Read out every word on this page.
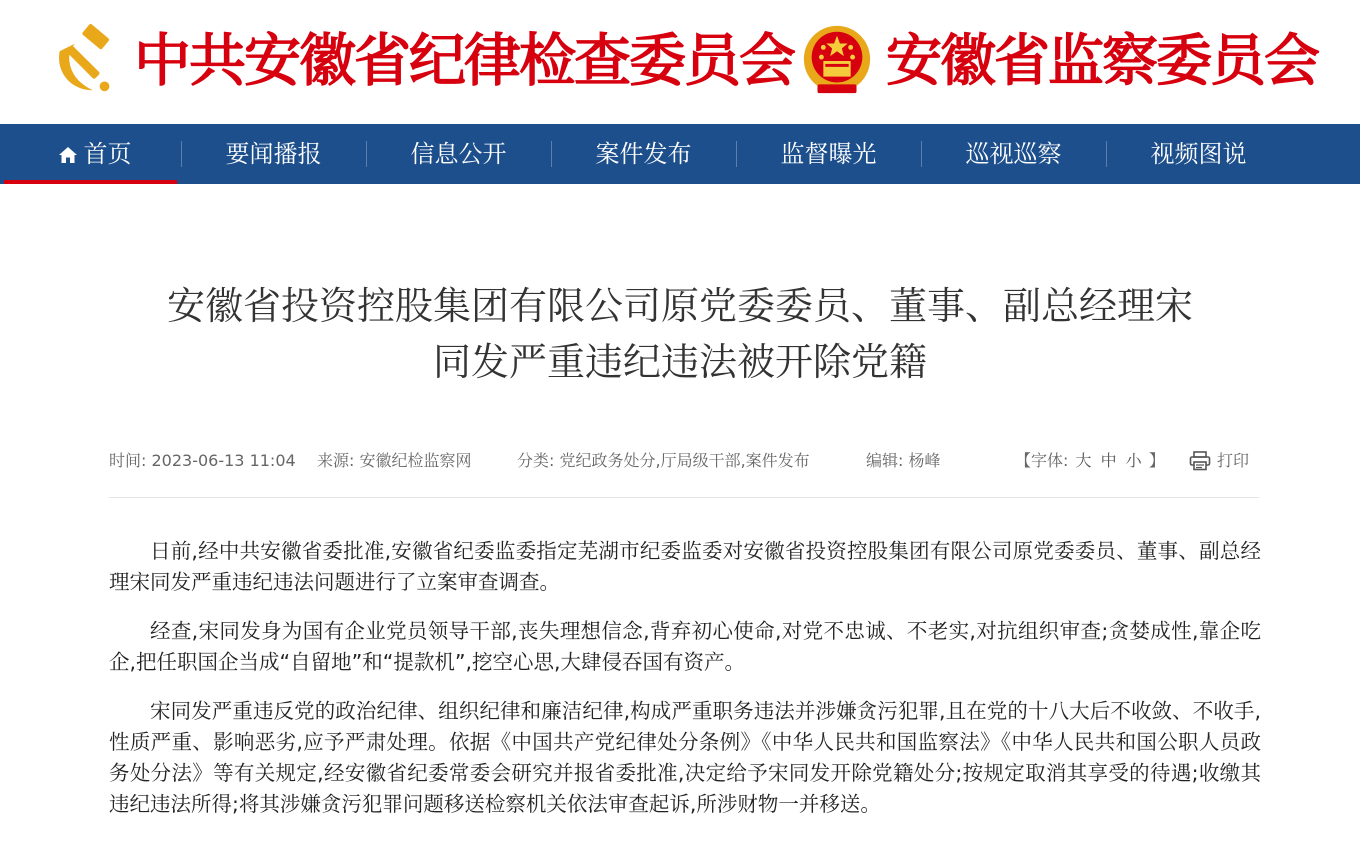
中共安徽省纪律检查委员会 安徽省监察委员会
首页	要闻播报	信息公开	案件发布	监督曝光	巡视巡察	视频图说
安徽省投资控股集团有限公司原党委委员、董事、副总经理宋
同发严重违纪违法被开除党籍
时间: 2023-06-13 11:04 来源: 安徽纪检监察网	分类: 党纪政务处分,厅局级干部,案件发布	编辑: 杨峰	【字体: 大 中 小 】	打印

日前,经中共安徽省委批准,安徽省纪委监委指定芜湖市纪委监委对安徽省投资控股集团有限公司原党委委员、董事、副总经理宋同发严重违纪违法问题进行了立案审查调查。

经查,宋同发身为国有企业党员领导干部,丧失理想信念,背弃初心使命,对党不忠诚、不老实,对抗组织审查;贪婪成性,靠企吃企,把任职国企当成“自留地”和“提款机”,挖空心思,大肆侵吞国有资产。

宋同发严重违反党的政治纪律、组织纪律和廉洁纪律,构成严重职务违法并涉嫌贪污犯罪,且在党的十八大后不收敛、不收手,性质严重、影响恶劣,应予严肃处理。依据《中国共产党纪律处分条例》《中华人民共和国监察法》《中华人民共和国公职人员政务处分法》等有关规定,经安徽省纪委常委会研究并报省委批准,决定给予宋同发开除党籍处分;按规定取消其享受的待遇;收缴其违纪违法所得;将其涉嫌贪污犯罪问题移送检察机关依法审查起诉,所涉财物一并移送。
